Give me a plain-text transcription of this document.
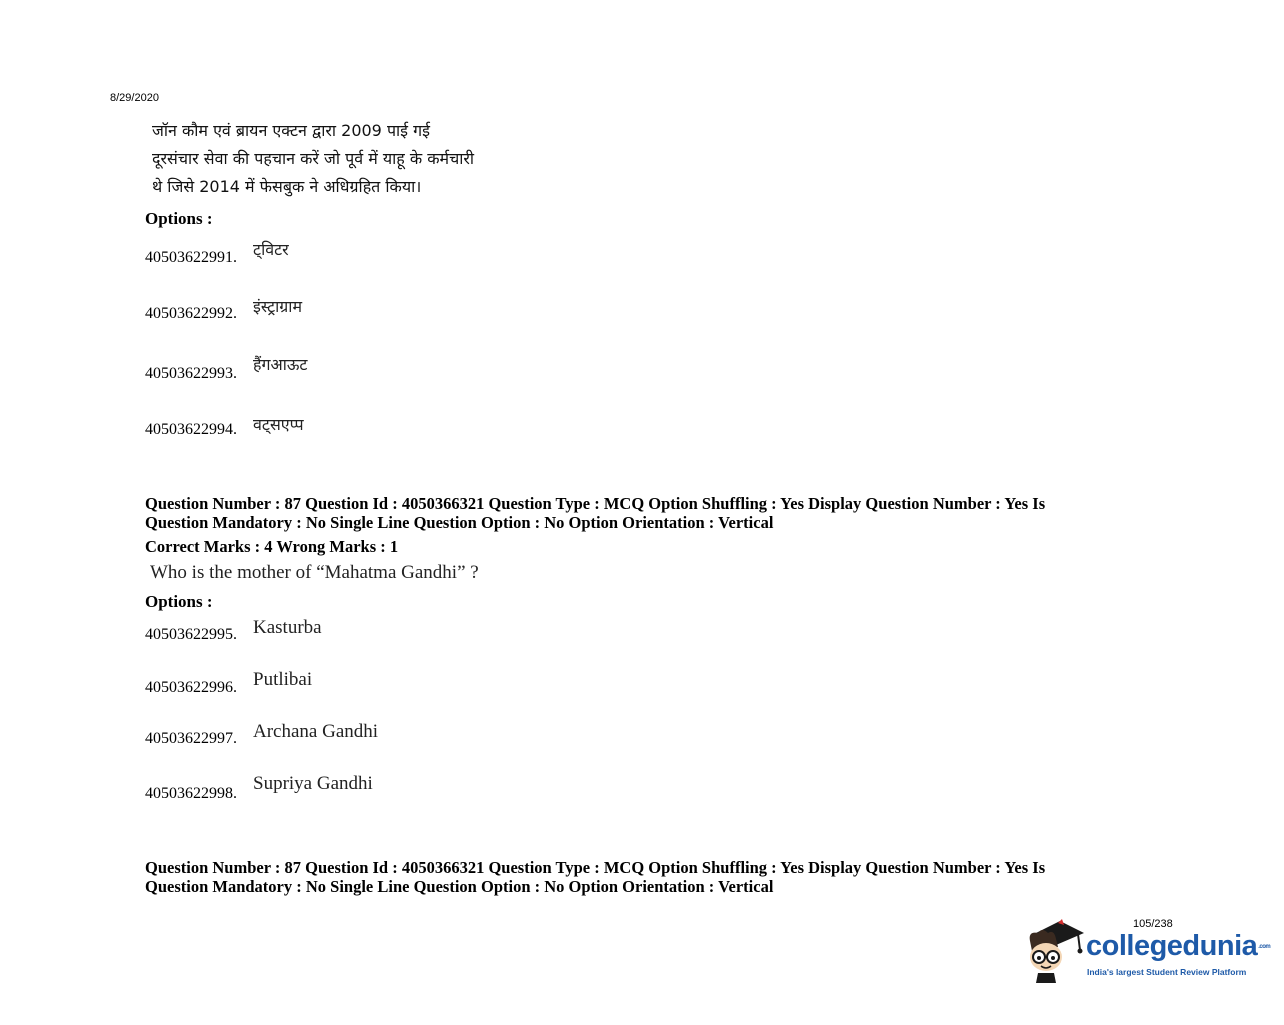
8/29/2020
जॉन कौम एवं ब्रायन एक्टन द्वारा 2009 पाई गई
दूरसंचार सेवा की पहचान करें जो पूर्व में याहू के कर्मचारी
थे जिसे 2014 में फेसबुक ने अधिग्रहित किया।
Options :
40503622991. ट्विटर
40503622992. इंस्ट्राग्राम
40503622993. हैंगआऊट
40503622994. वट्सएप्प
Question Number : 87 Question Id : 4050366321 Question Type : MCQ Option Shuffling : Yes Display Question Number : Yes Is
Question Mandatory : No Single Line Question Option : No Option Orientation : Vertical
Correct Marks : 4 Wrong Marks : 1
Who is the mother of “Mahatma Gandhi” ?
Options :
40503622995. Kasturba
40503622996. Putlibai
40503622997. Archana Gandhi
40503622998. Supriya Gandhi
Question Number : 87 Question Id : 4050366321 Question Type : MCQ Option Shuffling : Yes Display Question Number : Yes Is
Question Mandatory : No Single Line Question Option : No Option Orientation : Vertical
105/238
collegedunia.com
India's largest Student Review Platform
